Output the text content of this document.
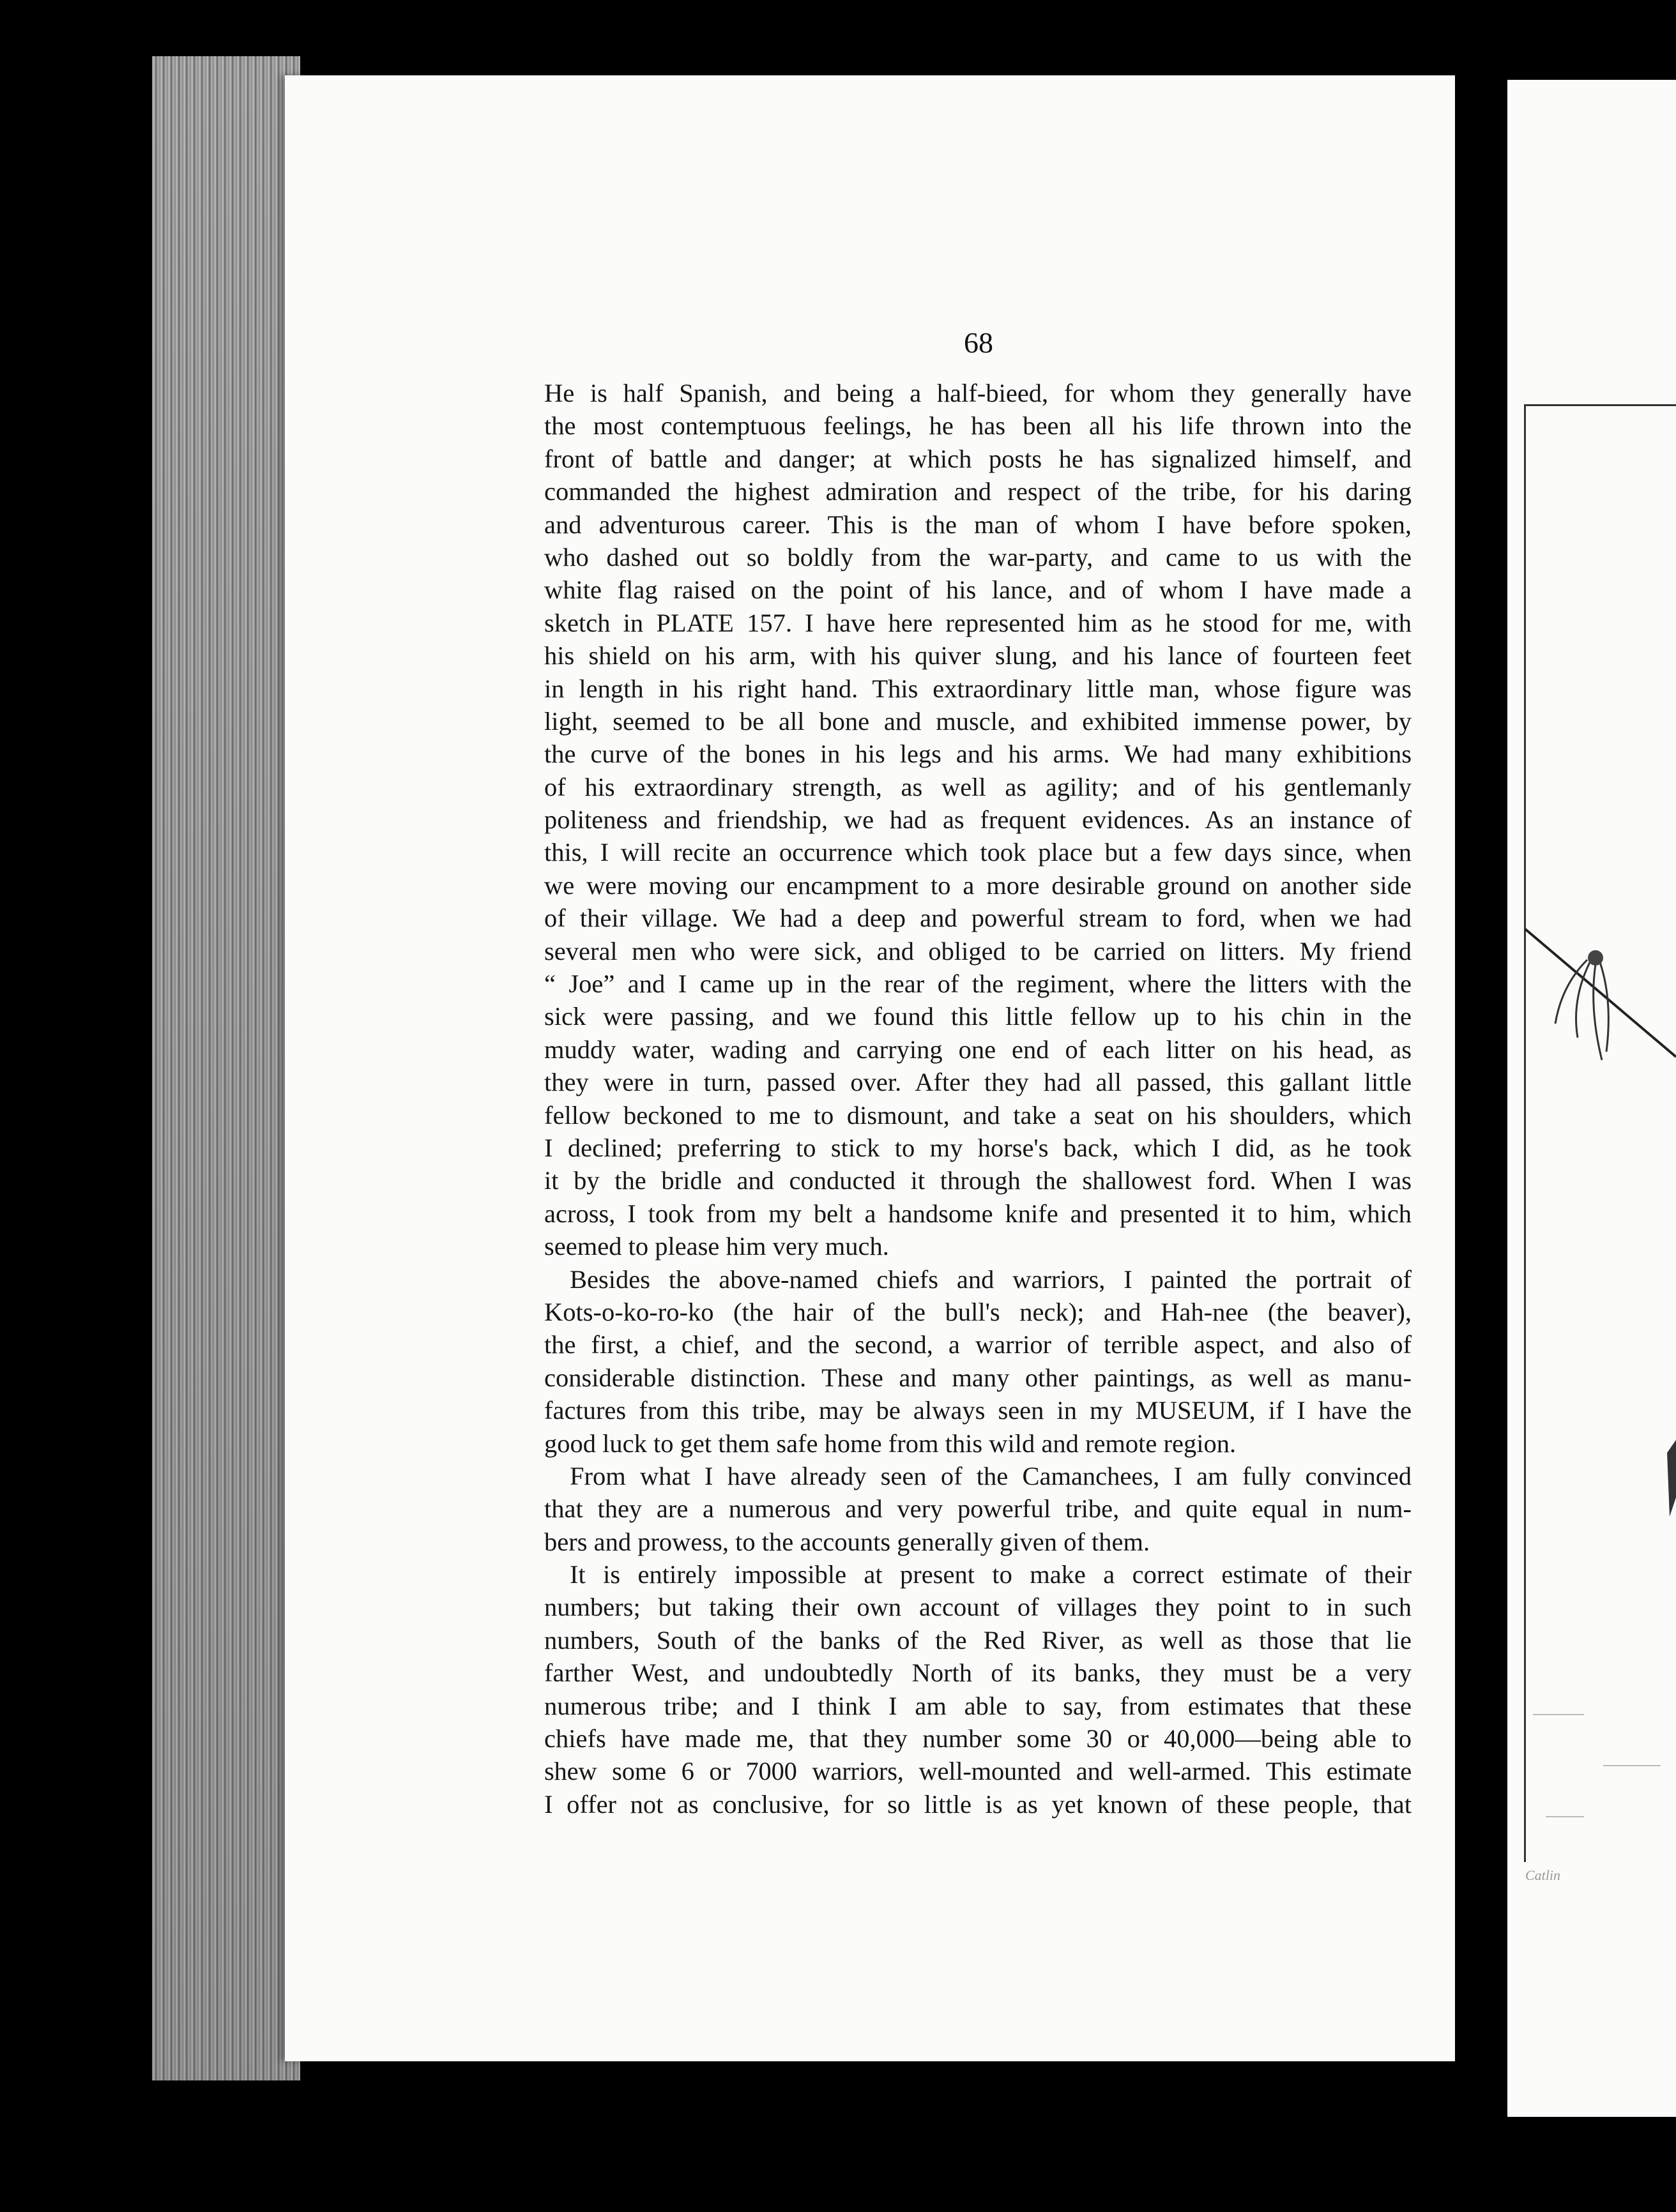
68
He is half Spanish, and being a half-bieed, for whom they generally have
the most contemptuous feelings, he has been all his life thrown into the
front of battle and danger; at which posts he has signalized himself, and
commanded the highest admiration and respect of the tribe, for his daring
and adventurous career. This is the man of whom I have before spoken,
who dashed out so boldly from the war-party, and came to us with the
white flag raised on the point of his lance, and of whom I have made a
sketch in PLATE 157. I have here represented him as he stood for me, with
his shield on his arm, with his quiver slung, and his lance of fourteen feet
in length in his right hand. This extraordinary little man, whose figure was
light, seemed to be all bone and muscle, and exhibited immense power, by
the curve of the bones in his legs and his arms. We had many exhibitions
of his extraordinary strength, as well as agility; and of his gentlemanly
politeness and friendship, we had as frequent evidences. As an instance of
this, I will recite an occurrence which took place but a few days since, when
we were moving our encampment to a more desirable ground on another side
of their village. We had a deep and powerful stream to ford, when we had
several men who were sick, and obliged to be carried on litters. My friend
“ Joe” and I came up in the rear of the regiment, where the litters with the
sick were passing, and we found this little fellow up to his chin in the
muddy water, wading and carrying one end of each litter on his head, as
they were in turn, passed over. After they had all passed, this gallant little
fellow beckoned to me to dismount, and take a seat on his shoulders, which
I declined; preferring to stick to my horse's back, which I did, as he took
it by the bridle and conducted it through the shallowest ford. When I was
across, I took from my belt a handsome knife and presented it to him, which
seemed to please him very much.
Besides the above-named chiefs and warriors, I painted the portrait of
Kots-o-ko-ro-ko (the hair of the bull's neck); and Hah-nee (the beaver),
the first, a chief, and the second, a warrior of terrible aspect, and also of
considerable distinction. These and many other paintings, as well as manu-
factures from this tribe, may be always seen in my MUSEUM, if I have the
good luck to get them safe home from this wild and remote region.
From what I have already seen of the Camanchees, I am fully convinced
that they are a numerous and very powerful tribe, and quite equal in num-
bers and prowess, to the accounts generally given of them.
It is entirely impossible at present to make a correct estimate of their
numbers; but taking their own account of villages they point to in such
numbers, South of the banks of the Red River, as well as those that lie
farther West, and undoubtedly North of its banks, they must be a very
numerous tribe; and I think I am able to say, from estimates that these
chiefs have made me, that they number some 30 or 40,000—being able to
shew some 6 or 7000 warriors, well-mounted and well-armed. This estimate
I offer not as conclusive, for so little is as yet known of these people, that
Catlin
